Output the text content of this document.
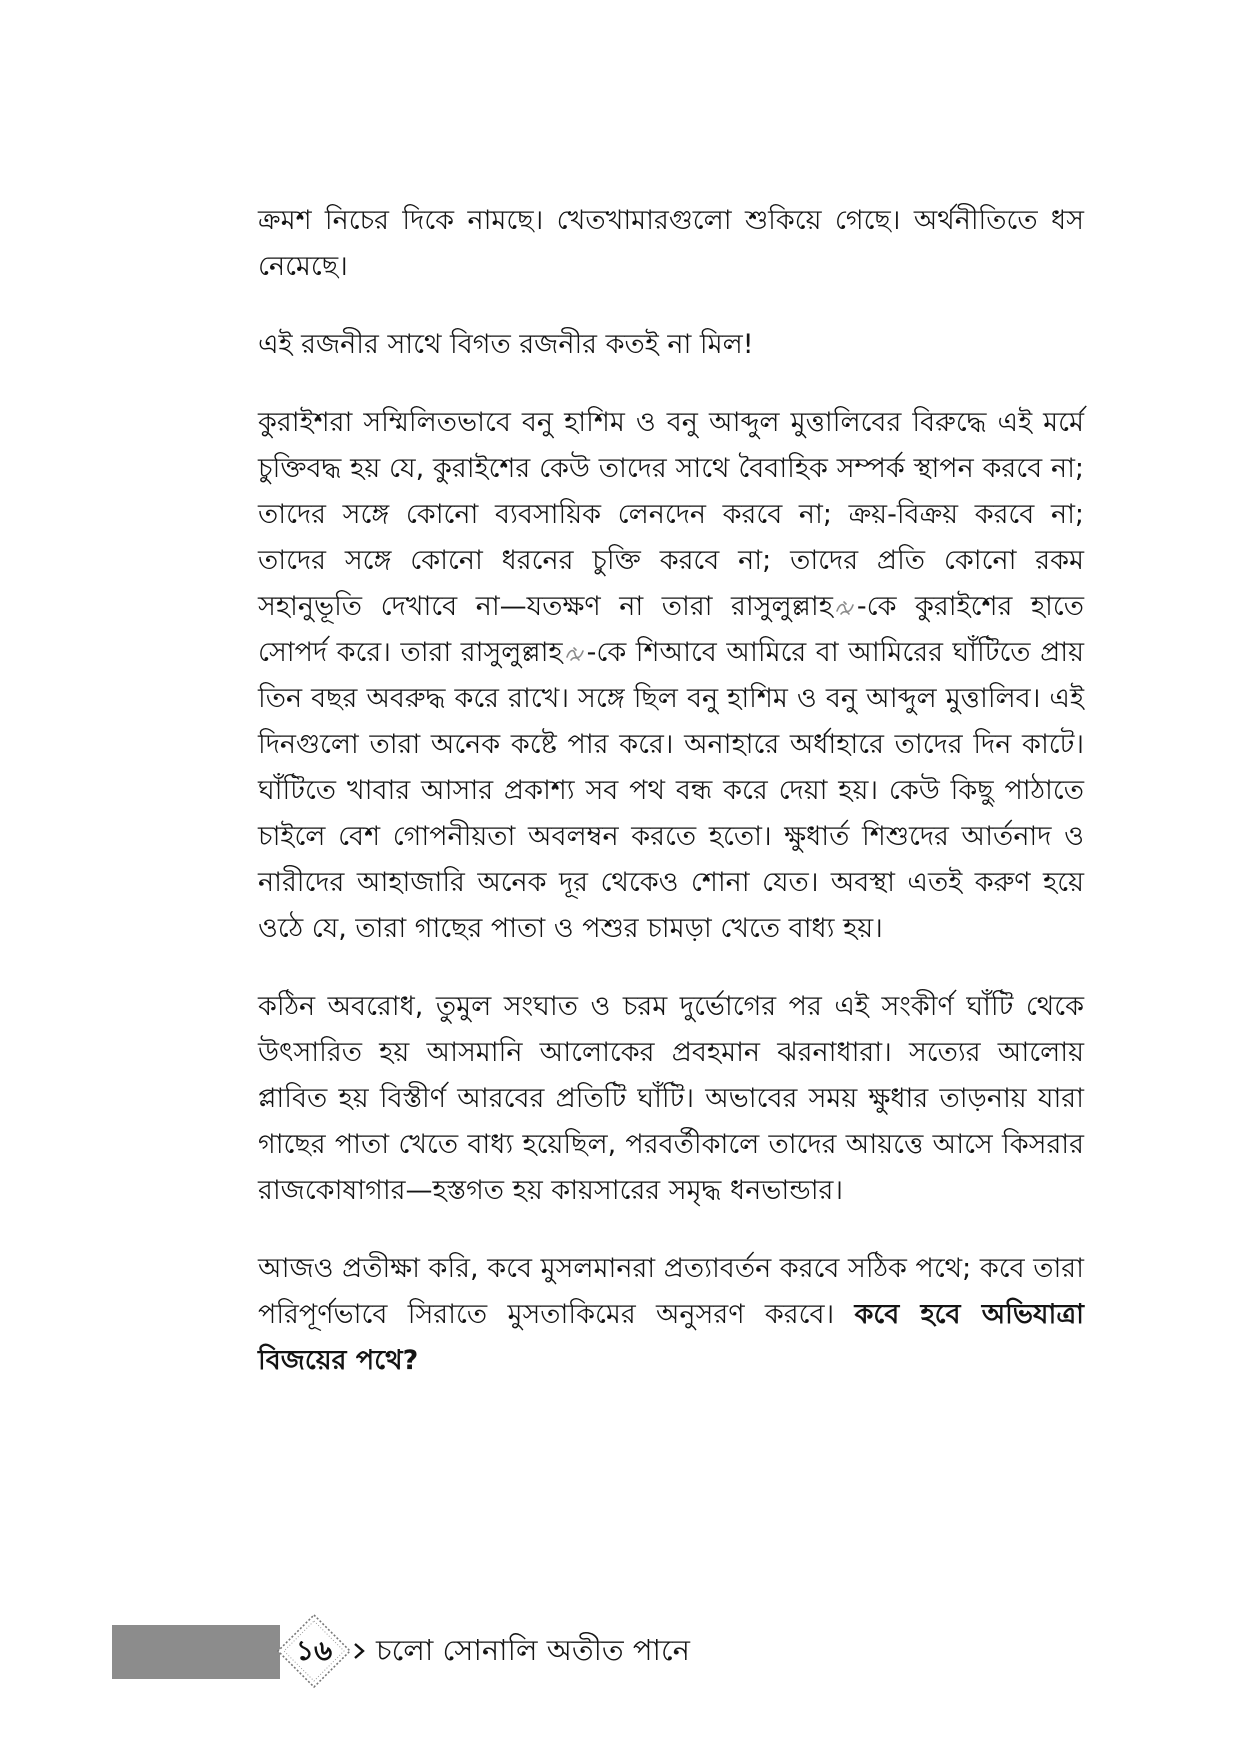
ক্রমশ নিচের দিকে নামছে। খেতখামারগুলো শুকিয়ে গেছে। অর্থনীতিতে ধস নেমেছে।

এই রজনীর সাথে বিগত রজনীর কতই না মিল!

কুরাইশরা সম্মিলিতভাবে বনু হাশিম ও বনু আব্দুল মুত্তালিবের বিরুদ্ধে এই মর্মে চুক্তিবদ্ধ হয় যে, কুরাইশের কেউ তাদের সাথে বৈবাহিক সম্পর্ক স্থাপন করবে না; তাদের সঙ্গে কোনো ব্যবসায়িক লেনদেন করবে না; ক্রয়-বিক্রয় করবে না; তাদের সঙ্গে কোনো ধরনের চুক্তি করবে না; তাদের প্রতি কোনো রকম সহানুভূতি দেখাবে না—যতক্ষণ না তারা রাসুলুল্লাহ -কে কুরাইশের হাতে সোপর্দ করে। তারা রাসুলুল্লাহ -কে শিআবে আমিরে বা আমিরের ঘাঁটিতে প্রায় তিন বছর অবরুদ্ধ করে রাখে। সঙ্গে ছিল বনু হাশিম ও বনু আব্দুল মুত্তালিব। এই দিনগুলো তারা অনেক কষ্টে পার করে। অনাহারে অর্ধাহারে তাদের দিন কাটে। ঘাঁটিতে খাবার আসার প্রকাশ্য সব পথ বন্ধ করে দেয়া হয়। কেউ কিছু পাঠাতে চাইলে বেশ গোপনীয়তা অবলম্বন করতে হতো। ক্ষুধার্ত শিশুদের আর্তনাদ ও নারীদের আহাজারি অনেক দূর থেকেও শোনা যেত। অবস্থা এতই করুণ হয়ে ওঠে যে, তারা গাছের পাতা ও পশুর চামড়া খেতে বাধ্য হয়।

কঠিন অবরোধ, তুমুল সংঘাত ও চরম দুর্ভোগের পর এই সংকীর্ণ ঘাঁটি থেকে উৎসারিত হয় আসমানি আলোকের প্রবহমান ঝরনাধারা। সত্যের আলোয় প্লাবিত হয় বিস্তীর্ণ আরবের প্রতিটি ঘাঁটি। অভাবের সময় ক্ষুধার তাড়নায় যারা গাছের পাতা খেতে বাধ্য হয়েছিল, পরবর্তীকালে তাদের আয়ত্তে আসে কিসরার রাজকোষাগার—হস্তগত হয় কায়সারের সমৃদ্ধ ধনভান্ডার।

আজও প্রতীক্ষা করি, কবে মুসলমানরা প্রত্যাবর্তন করবে সঠিক পথে; কবে তারা পরিপূর্ণভাবে সিরাতে মুসতাকিমের অনুসরণ করবে। কবে হবে অভিযাত্রা বিজয়ের পথে?

১৬	চলো সোনালি অতীত পানে
